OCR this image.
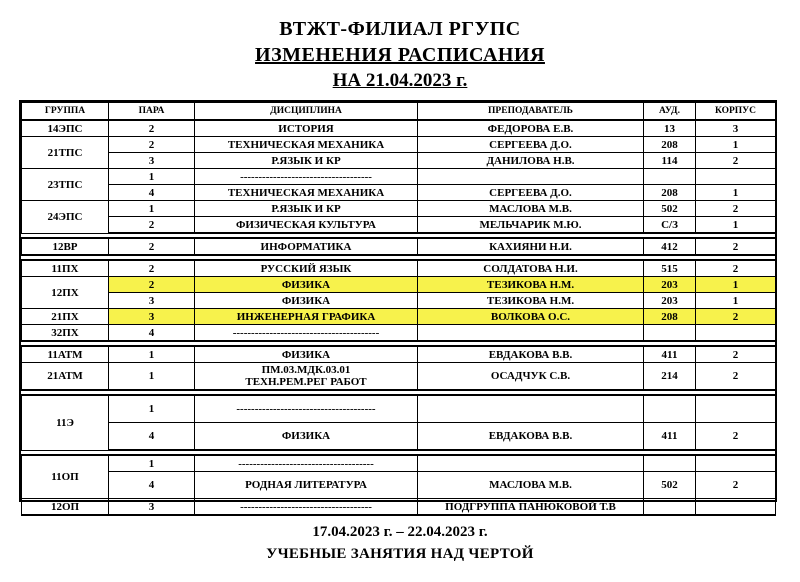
ВТЖТ-ФИЛИАЛ РГУПС
ИЗМЕНЕНИЯ РАСПИСАНИЯ
НА 21.04.2023 г.
ГРУППА	ПАРА	ДИСЦИПЛИНА	ПРЕПОДАВАТЕЛЬ	АУД.	КОРПУС
14ЭПС	2	ИСТОРИЯ	ФЕДОРОВА Е.В.	13	3
21ТПС	2	ТЕХНИЧЕСКАЯ МЕХАНИКА	СЕРГЕЕВА Д.О.	208	1
	3	Р.ЯЗЫК И КР	ДАНИЛОВА Н.В.	114	2
23ТПС	1	------------------------------------			
	4	ТЕХНИЧЕСКАЯ МЕХАНИКА	СЕРГЕЕВА Д.О.	208	1
24ЭПС	1	Р.ЯЗЫК И КР	МАСЛОВА М.В.	502	2
	2	ФИЗИЧЕСКАЯ КУЛЬТУРА	МЕЛЬЧАРИК М.Ю.	С/З	1

12ВР	2	ИНФОРМАТИКА	КАХИЯНИ Н.И.	412	2

11ПХ	2	РУССКИЙ ЯЗЫК	СОЛДАТОВА Н.И.	515	2
12ПХ	2	ФИЗИКА	ТЕЗИКОВА Н.М.	203	1
	3	ФИЗИКА	ТЕЗИКОВА Н.М.	203	1
21ПХ	3	ИНЖЕНЕРНАЯ ГРАФИКА	ВОЛКОВА О.С.	208	2
32ПХ	4	----------------------------------------			

11АТМ	1	ФИЗИКА	ЕВДАКОВА В.В.	411	2
21АТМ	1	ПМ.03.МДК.03.01
ТЕХН.РЕМ.РЕГ РАБОТ	ОСАДЧУК С.В.	214	2

11Э	1	--------------------------------------			
	4	ФИЗИКА	ЕВДАКОВА В.В.	411	2

11ОП	1	-------------------------------------			
	4	РОДНАЯ ЛИТЕРАТУРА	МАСЛОВА М.В.	502	2
12ОП	3	------------------------------------	ПОДГРУППА ПАНЮКОВОЙ Т.В		
17.04.2023 г. – 22.04.2023 г.
УЧЕБНЫЕ ЗАНЯТИЯ НАД ЧЕРТОЙ
